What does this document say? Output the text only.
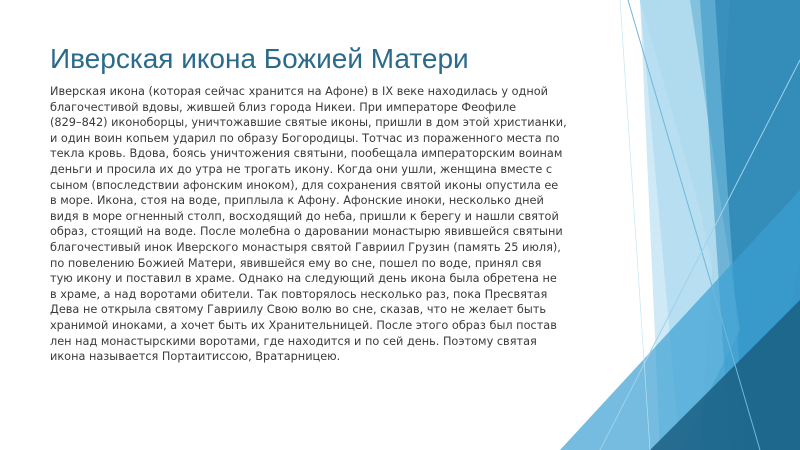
Иверская икона Божией Матери

Иверская икона (которая сейчас хранится на Афоне) в IX веке находилась у одной
благочестивой вдовы, жившей близ города Никеи. При императоре Феофиле
(829–842) иконоборцы, уничтожавшие святые иконы, пришли в дом этой христианки,
и один воин копьем ударил по образу Богородицы. Тотчас из пораженного места по
текла кровь. Вдова, боясь уничтожения святыни, пообещала императорским воинам
деньги и просила их до утра не трогать икону. Когда они ушли, женщина вместе с
сыном (впоследствии афонским иноком), для сохранения святой иконы опустила ее
в море. Икона, стоя на воде, приплыла к Афону. Афонские иноки, несколько дней
видя в море огненный столп, восходящий до неба, пришли к берегу и нашли святой
образ, стоящий на воде. После молебна о даровании монастырю явившейся святыни
благочестивый инок Иверского монастыря святой Гавриил Грузин (память 25 июля),
по повелению Божией Матери, явившейся ему во сне, пошел по воде, принял свя
тую икону и поставил в храме. Однако на следующий день икона была обретена не
в храме, а над воротами обители. Так повторялось несколько раз, пока Пресвятая
Дева не открыла святому Гавриилу Свою волю во сне, сказав, что не желает быть
хранимой иноками, а хочет быть их Хранительницей. После этого образ был постав
лен над монастырскими воротами, где находится и по сей день. Поэтому святая
икона называется Портаитиссою, Вратарницею.
